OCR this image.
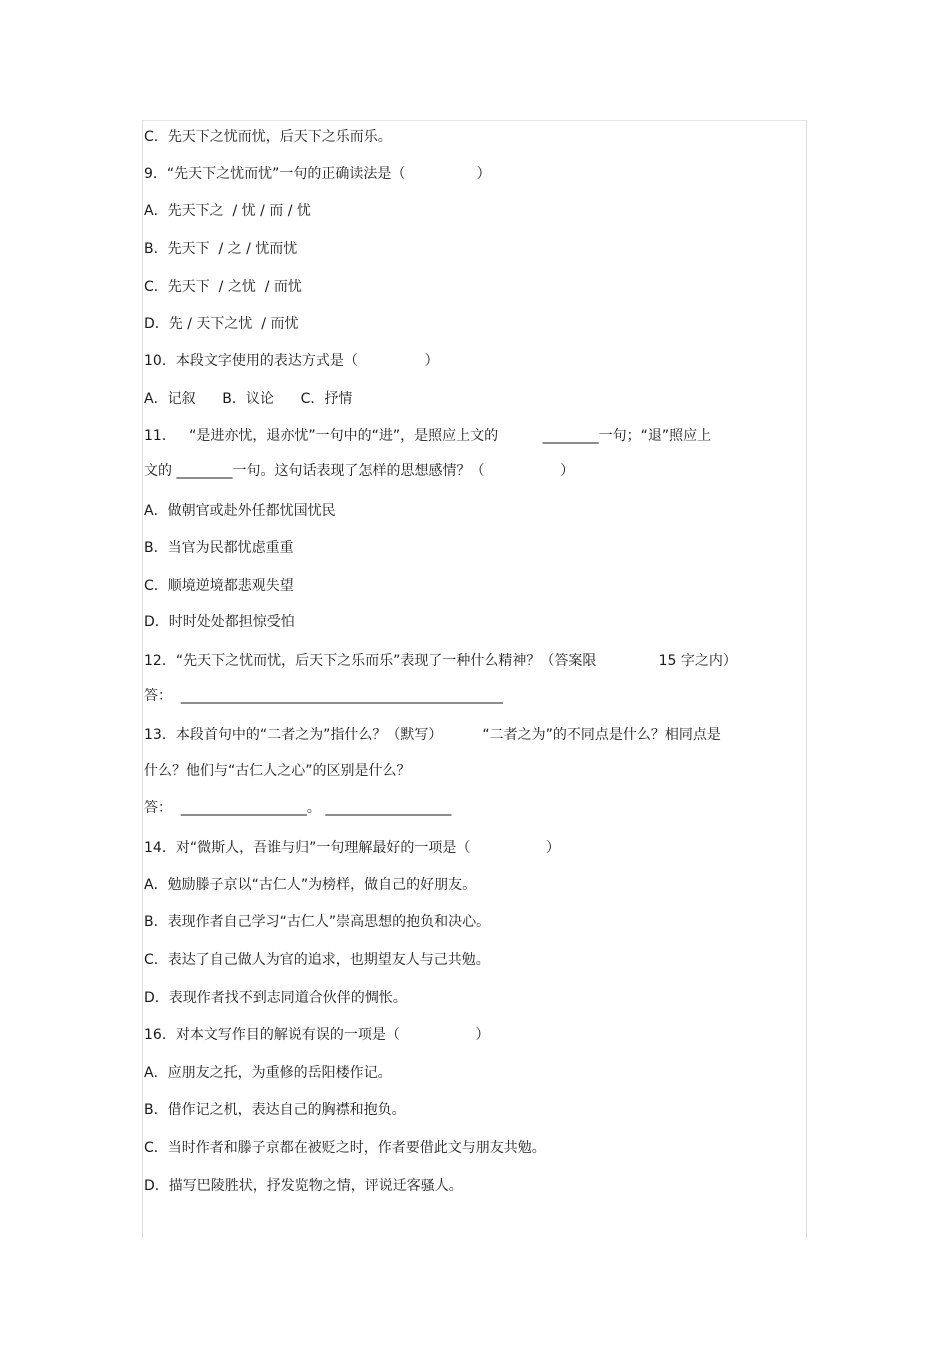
C．先天下之忧而忧，后天下之乐而乐。
9．“先天下之忧而忧”一句的正确读法是（                ）
A．先天下之  / 忧 / 而 / 忧
B．先天下  / 之 / 忧而忧
C．先天下  / 之忧  / 而忧
D．先 / 天下之忧  / 而忧
10．本段文字使用的表达方式是（               ）
A．记叙      B．议论      C．抒情
11．   “是进亦忧，退亦忧”一句中的“进”，是照应上文的          ________一句；“退”照应上
文的 ________一句。这句话表现了怎样的思想感情？（                 ）
A．做朝官或赴外任都忧国忧民
B．当官为民都忧虑重重
C．顺境逆境都悲观失望
D．时时处处都担惊受怕
12．“先天下之忧而忧，后天下之乐而乐”表现了一种什么精神？（答案限              15 字之内）
答：  ______________________________________________
13．本段首句中的“二者之为”指什么？（默写）         “二者之为”的不同点是什么？相同点是
什么？他们与“古仁人之心”的区别是什么？
答：  __________________。 __________________
14．对“微斯人，吾谁与归”一句理解最好的一项是（                 ）
A．勉励滕子京以“古仁人”为榜样，做自己的好朋友。
B．表现作者自己学习“古仁人”崇高思想的抱负和决心。
C．表达了自己做人为官的追求，也期望友人与己共勉。
D．表现作者找不到志同道合伙伴的惆怅。
16．对本文写作目的解说有误的一项是（                 ）
A．应朋友之托，为重修的岳阳楼作记。
B．借作记之机，表达自己的胸襟和抱负。
C．当时作者和滕子京都在被贬之时，作者要借此文与朋友共勉。
D．描写巴陵胜状，抒发览物之情，评说迁客骚人。
